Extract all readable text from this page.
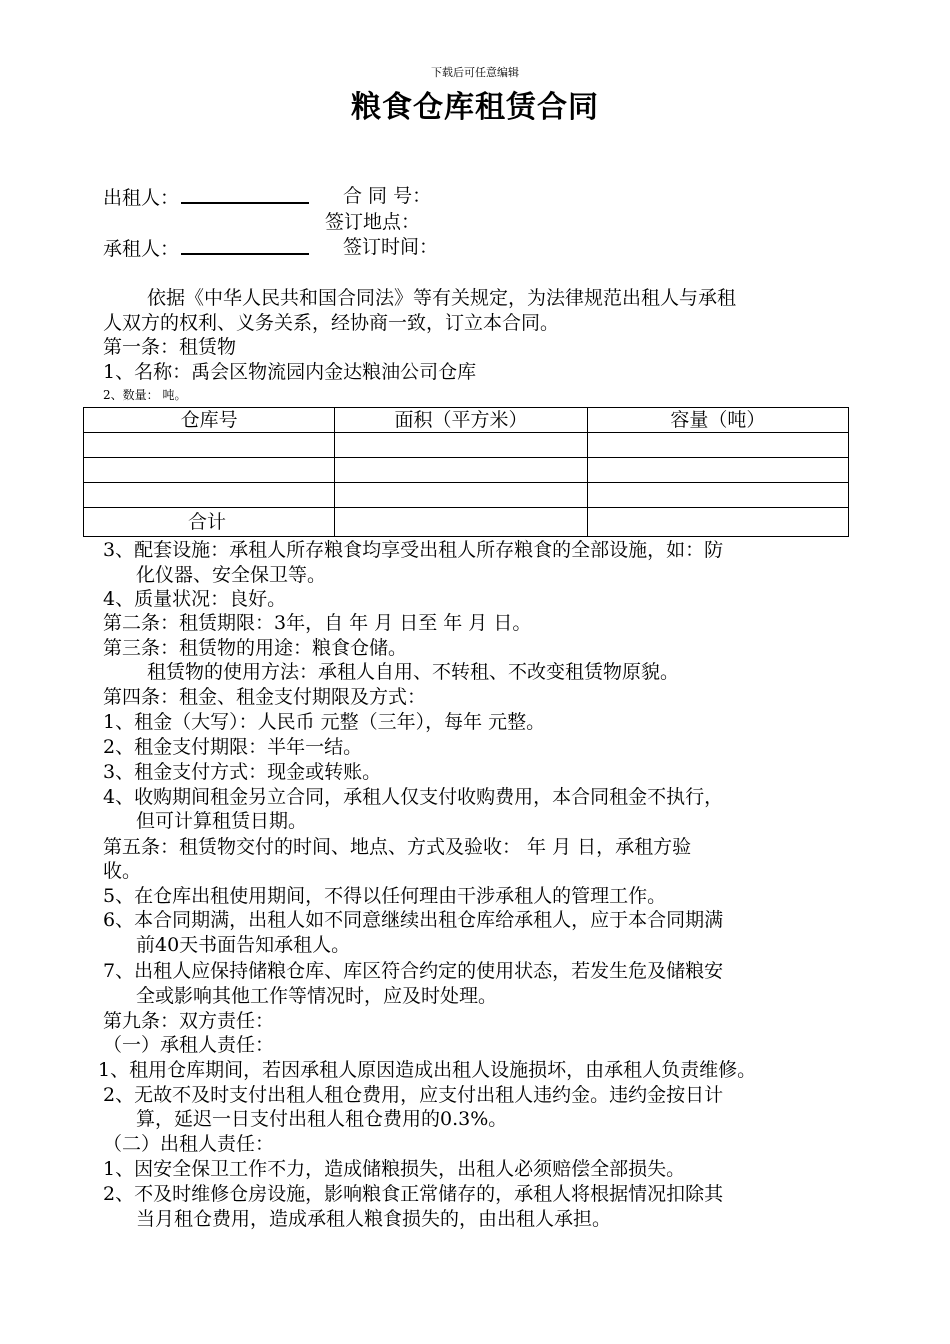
下载后可任意编辑
粮食仓库租赁合同
出租人：	合 同 号：
签订地点：
承租人：	签订时间：
依据《中华人民共和国合同法》等有关规定，为法律规范出租人与承租
人双方的权利、义务关系，经协商一致，订立本合同。
第一条：租赁物
1、名称：禹会区物流园内金达粮油公司仓库
2、数量： 吨。
仓库号	面积（平方米）	容量（吨）

合计		
3、配套设施：承租人所存粮食均享受出租人所存粮食的全部设施，如：防
化仪器、安全保卫等。
4、质量状况：良好。
第二条：租赁期限：3年，自 年 月 日至 年 月 日。
第三条：租赁物的用途：粮食仓储。
租赁物的使用方法：承租人自用、不转租、不改变租赁物原貌。
第四条：租金、租金支付期限及方式：
1、租金（大写）：人民币 元整（三年），每年 元整。
2、租金支付期限：半年一结。
3、租金支付方式：现金或转账。
4、收购期间租金另立合同，承租人仅支付收购费用，本合同租金不执行，
但可计算租赁日期。
第五条：租赁物交付的时间、地点、方式及验收： 年 月 日，承租方验
收。
5、在仓库出租使用期间，不得以任何理由干涉承租人的管理工作。
6、本合同期满，出租人如不同意继续出租仓库给承租人，应于本合同期满
前40天书面告知承租人。
7、出租人应保持储粮仓库、库区符合约定的使用状态，若发生危及储粮安
全或影响其他工作等情况时，应及时处理。
第九条：双方责任：
（一）承租人责任：
1、租用仓库期间，若因承租人原因造成出租人设施损坏，由承租人负责维修。
2、无故不及时支付出租人租仓费用，应支付出租人违约金。违约金按日计
算，延迟一日支付出租人租仓费用的0.3%。
（二）出租人责任：
1、因安全保卫工作不力，造成储粮损失，出租人必须赔偿全部损失。
2、不及时维修仓房设施，影响粮食正常储存的，承租人将根据情况扣除其
当月租仓费用，造成承租人粮食损失的，由出租人承担。
